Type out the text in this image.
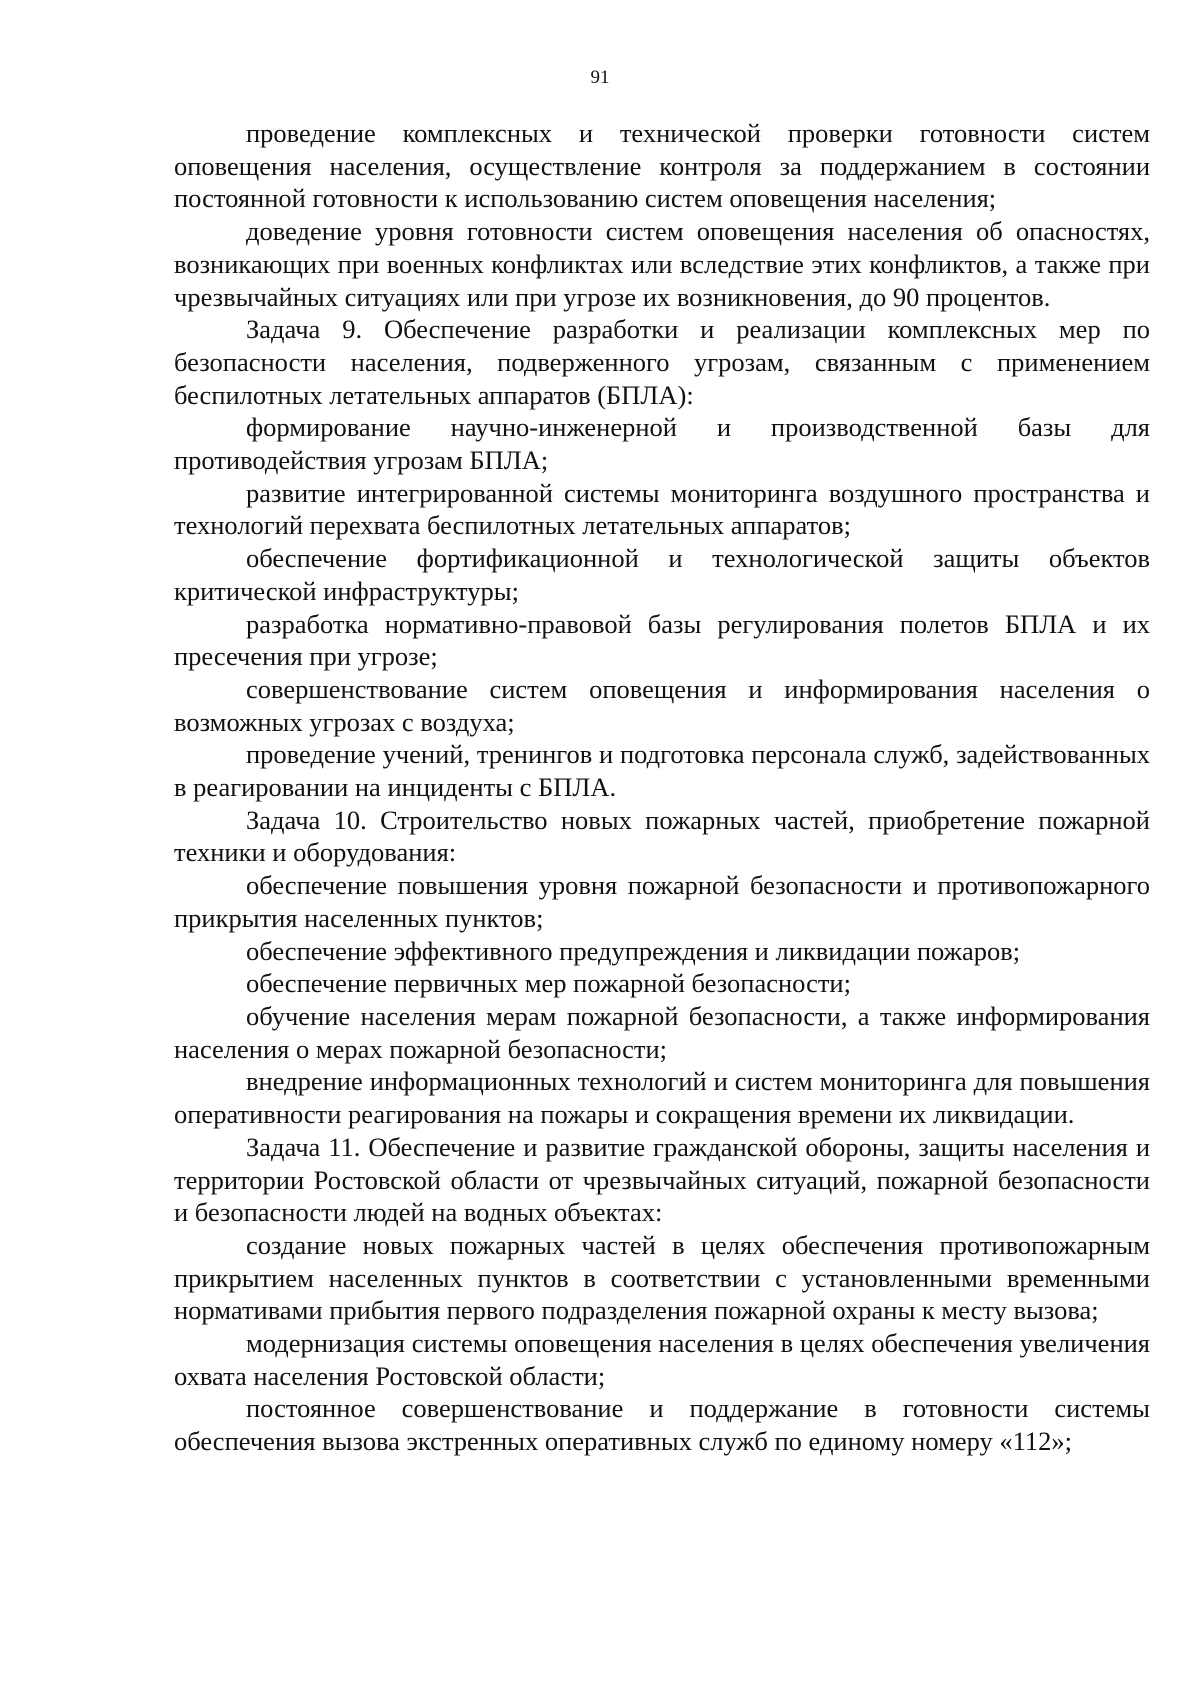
91

проведение комплексных и технической проверки готовности систем оповещения населения, осуществление контроля за поддержанием в состоянии постоянной готовности к использованию систем оповещения населения;

доведение уровня готовности систем оповещения населения об опасностях, возникающих при военных конфликтах или вследствие этих конфликтов, а также при чрезвычайных ситуациях или при угрозе их возникновения, до 90 процентов.

Задача 9. Обеспечение разработки и реализации комплексных мер по безопасности населения, подверженного угрозам, связанным с применением беспилотных летательных аппаратов (БПЛА):

формирование научно-инженерной и производственной базы для противодействия угрозам БПЛА;

развитие интегрированной системы мониторинга воздушного пространства и технологий перехвата беспилотных летательных аппаратов;

обеспечение фортификационной и технологической защиты объектов критической инфраструктуры;

разработка нормативно-правовой базы регулирования полетов БПЛА и их пресечения при угрозе;

совершенствование систем оповещения и информирования населения о возможных угрозах с воздуха;

проведение учений, тренингов и подготовка персонала служб, задействованных в реагировании на инциденты с БПЛА.

Задача 10. Строительство новых пожарных частей, приобретение пожарной техники и оборудования:

обеспечение повышения уровня пожарной безопасности и противопожарного прикрытия населенных пунктов;

обеспечение эффективного предупреждения и ликвидации пожаров;

обеспечение первичных мер пожарной безопасности;

обучение населения мерам пожарной безопасности, а также информирования населения о мерах пожарной безопасности;

внедрение информационных технологий и систем мониторинга для повышения оперативности реагирования на пожары и сокращения времени их ликвидации.

Задача 11. Обеспечение и развитие гражданской обороны, защиты населения и территории Ростовской области от чрезвычайных ситуаций, пожарной безопасности и безопасности людей на водных объектах:

создание новых пожарных частей в целях обеспечения противопожарным прикрытием населенных пунктов в соответствии с установленными временными нормативами прибытия первого подразделения пожарной охраны к месту вызова;

модернизация системы оповещения населения в целях обеспечения увеличения охвата населения Ростовской области;

постоянное совершенствование и поддержание в готовности системы обеспечения вызова экстренных оперативных служб по единому номеру «112»;
